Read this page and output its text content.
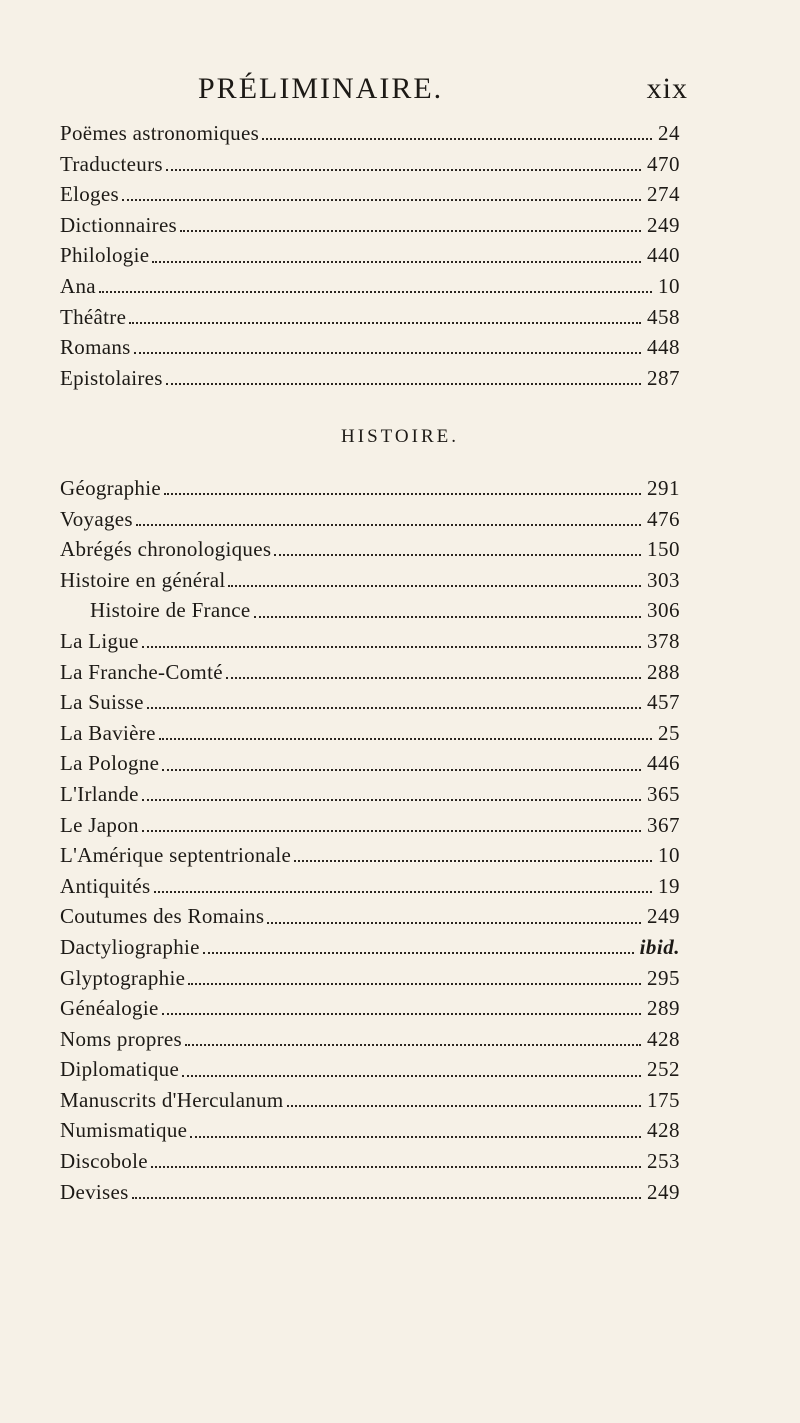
PRÉLIMINAIRE.	xix
Poëmes astronomiques	24
Traducteurs	470
Eloges	274
Dictionnaires	249
Philologie	440
Ana	10
Théâtre	458
Romans	448
Epistolaires	287
HISTOIRE.
Géographie	291
Voyages	476
Abrégés chronologiques	150
Histoire en général	303
Histoire de France	306
La Ligue	378
La Franche-Comté	288
La Suisse	457
La Bavière	25
La Pologne	446
L'Irlande	365
Le Japon	367
L'Amérique septentrionale	10
Antiquités	19
Coutumes des Romains	249
Dactyliographie	ibid.
Glyptographie	295
Généalogie	289
Noms propres	428
Diplomatique	252
Manuscrits d'Herculanum	175
Numismatique	428
Discobole	253
Devises	249
